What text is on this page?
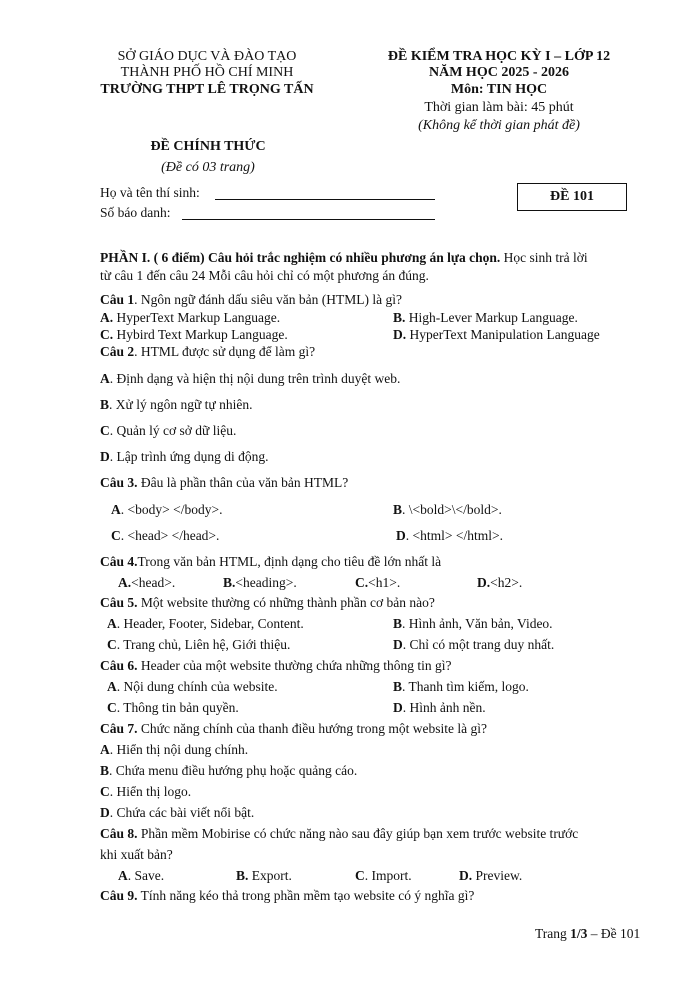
SỞ GIÁO DỤC VÀ ĐÀO TẠO
THÀNH PHỐ HỒ CHÍ MINH
TRƯỜNG THPT LÊ TRỌNG TẤN
ĐỀ KIỂM TRA HỌC KỲ I – LỚP 12
NĂM HỌC 2025 - 2026
Môn: TIN HỌC
Thời gian làm bài: 45 phút
(Không kể thời gian phát đề)
ĐỀ CHÍNH THỨC
(Đề có 03 trang)
Họ và tên thí sinh:
Số báo danh:
ĐỀ 101
PHẦN I. ( 6 điểm) Câu hỏi trắc nghiệm có nhiều phương án lựa chọn. Học sinh trả lời
từ câu 1 đến câu 24 Mỗi câu hỏi chỉ có một phương án đúng.
Câu 1. Ngôn ngữ đánh dấu siêu văn bản (HTML) là gì?
A. HyperText Markup Language.	B. High-Lever Markup Language.
C. Hybird Text Markup Language.	D. HyperText Manipulation Language
Câu 2. HTML được sử dụng để làm gì?
A. Định dạng và hiện thị nội dung trên trình duyệt web.
B. Xử lý ngôn ngữ tự nhiên.
C. Quản lý cơ sở dữ liệu.
D. Lập trình ứng dụng di động.
Câu 3. Đâu là phần thân của văn bản HTML?
A. <body> </body>.	B. \<bold>\</bold>.
C. <head> </head>.	D. <html> </html>.
Câu 4.Trong văn bản HTML, định dạng cho tiêu đề lớn nhất là
A.<head>.	B.<heading>.	C.<h1>.	D.<h2>.
Câu 5. Một website thường có những thành phần cơ bản nào?
A. Header, Footer, Sidebar, Content.	B. Hình ảnh, Văn bản, Video.
C. Trang chủ, Liên hệ, Giới thiệu.	D. Chỉ có một trang duy nhất.
Câu 6. Header của một website thường chứa những thông tin gì?
A. Nội dung chính của website.	B. Thanh tìm kiếm, logo.
C. Thông tin bản quyền.	D. Hình ảnh nền.
Câu 7. Chức năng chính của thanh điều hướng trong một website là gì?
A. Hiển thị nội dung chính.
B. Chứa menu điều hướng phụ hoặc quảng cáo.
C. Hiển thị logo.
D. Chứa các bài viết nổi bật.
Câu 8. Phần mềm Mobirise có chức năng nào sau đây giúp bạn xem trước website trước
khi xuất bản?
A. Save.	B. Export.	C. Import.	D. Preview.
Câu 9. Tính năng kéo thả trong phần mềm tạo website có ý nghĩa gì?
Trang 1/3 – Đề 101
